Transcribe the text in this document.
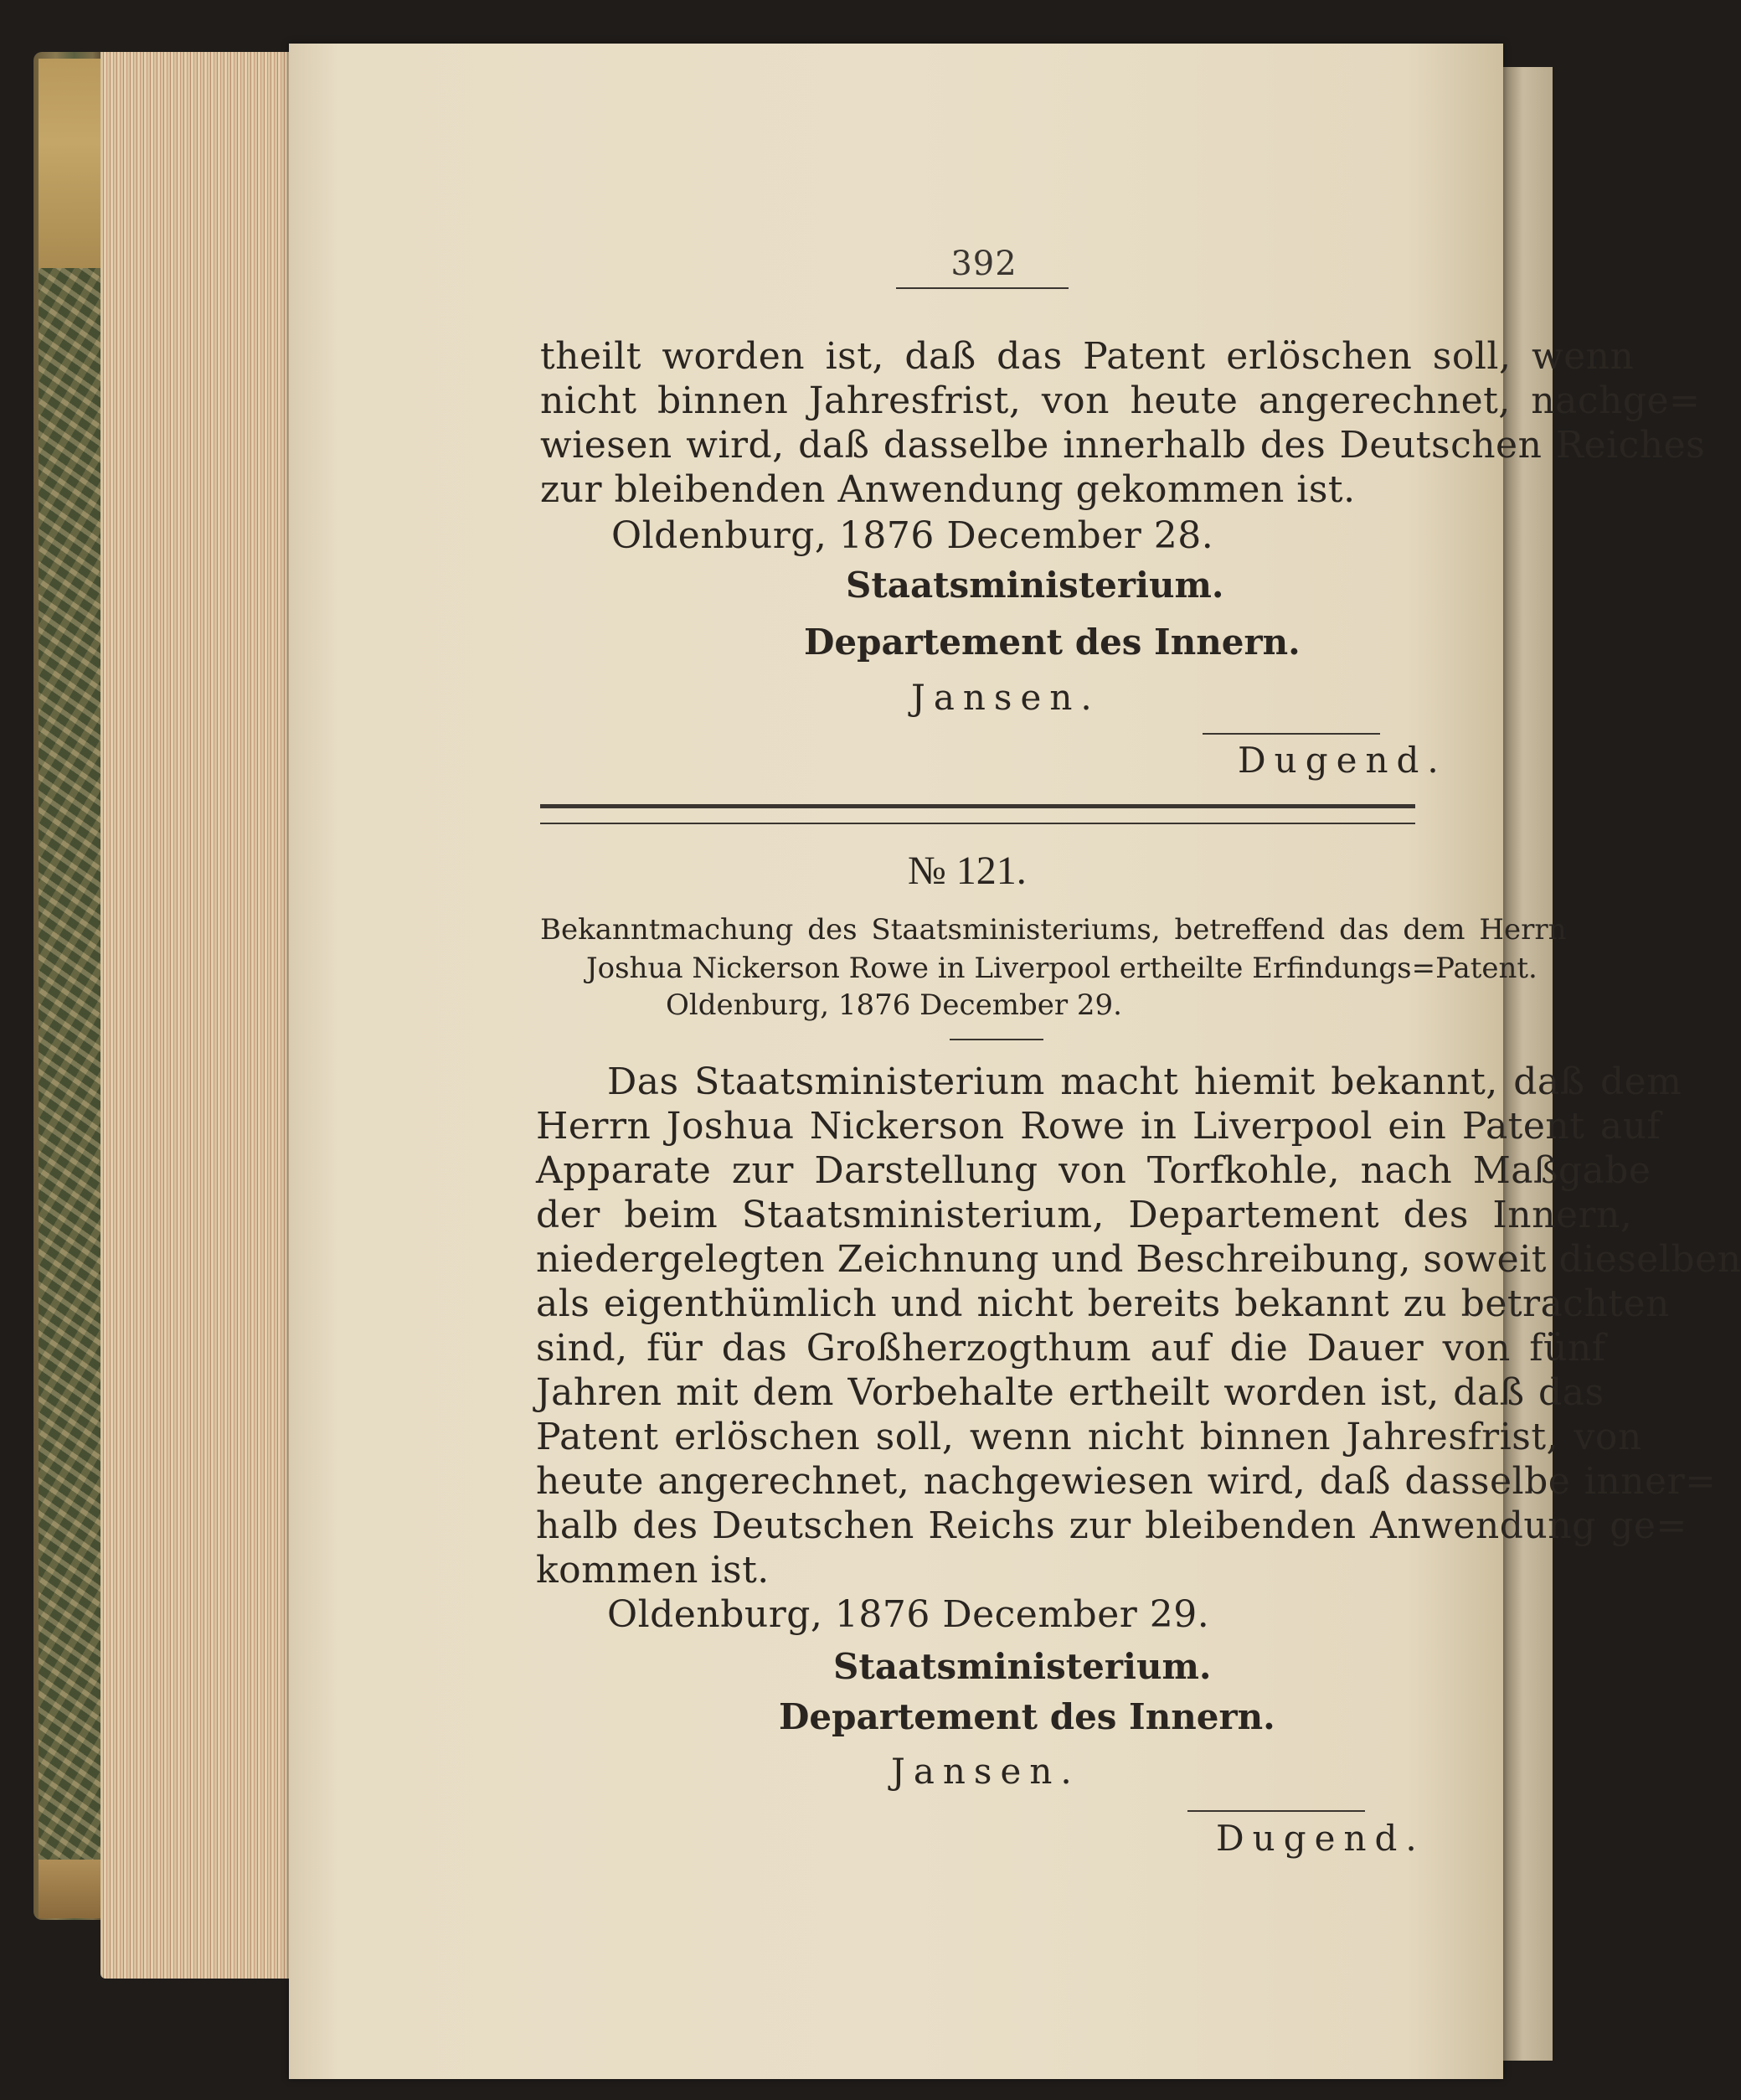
392
theilt worden ist, daß das Patent erlöschen soll, wenn
nicht binnen Jahresfrist, von heute angerechnet, nachge=
wiesen wird, daß dasselbe innerhalb des Deutschen Reiches
zur bleibenden Anwendung gekommen ist.
Oldenburg, 1876 December 28.
Staatsministerium.
Departement des Innern.
Jansen.
Dugend.
№ 121.
Bekanntmachung des Staatsministeriums, betreffend das dem Herrn
Joshua Nickerson Rowe in Liverpool ertheilte Erfindungs=Patent.
Oldenburg, 1876 December 29.
Das Staatsministerium macht hiemit bekannt, daß dem
Herrn Joshua Nickerson Rowe in Liverpool ein Patent auf
Apparate zur Darstellung von Torfkohle, nach Maßgabe
der beim Staatsministerium, Departement des Innern,
niedergelegten Zeichnung und Beschreibung, soweit dieselben
als eigenthümlich und nicht bereits bekannt zu betrachten
sind, für das Großherzogthum auf die Dauer von fünf
Jahren mit dem Vorbehalte ertheilt worden ist, daß das
Patent erlöschen soll, wenn nicht binnen Jahresfrist, von
heute angerechnet, nachgewiesen wird, daß dasselbe inner=
halb des Deutschen Reichs zur bleibenden Anwendung ge=
kommen ist.
Oldenburg, 1876 December 29.
Staatsministerium.
Departement des Innern.
Jansen.
Dugend.
